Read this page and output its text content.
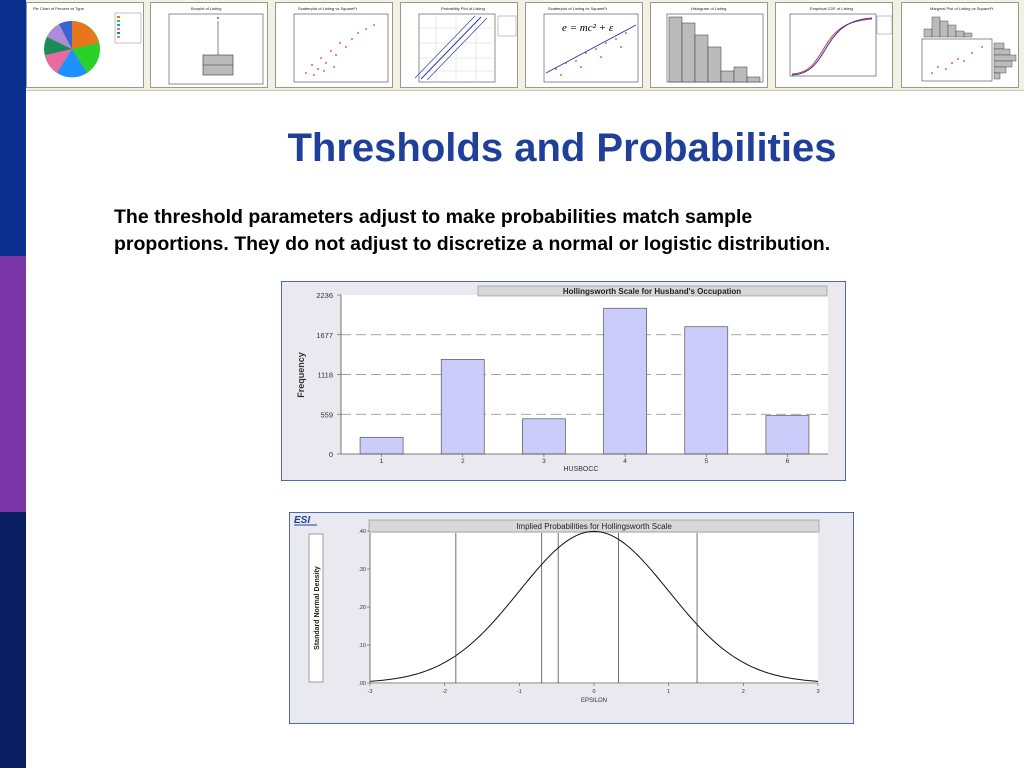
Pie Chart of Percent vs Type	Boxplot of Listing	Scatterplot of Listing vs SquareFt	Probability Plot of Listing	Scatterplot of Listing vs SquareFt
e = mc² + ε
Histogram of Listing	Empirical CDF of Listing	Marginal Plot of Listing vs SquareFt
Thresholds and Probabilities
The threshold parameters adjust to make probabilities match sample
proportions. They do not adjust to discretize a normal or logistic distribution.
Hollingsworth Scale for Husband's Occupation
0
559
1118
1677
2236
1	2	3	4	5	6
HUSBOCC
Frequency
ESI
Implied Probabilities for Hollingsworth Scale
Standard Normal Density
.00
.10
.20
.30
.40
-3	-2	-1	0	1	2	3
EPSILON
